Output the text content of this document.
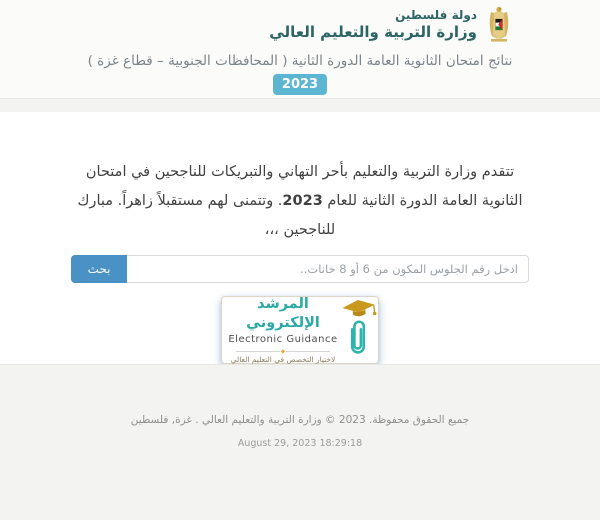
دولة فلسطين
وزارة التربية والتعليم العالي
نتائج امتحان الثانوية العامة الدورة الثانية ( المحافظات الجنوبية – قطاع غزة )
2023

تتقدم وزارة التربية والتعليم بأحر التهاني والتبريكات للناجحين في امتحان الثانوية العامة الدورة الثانية للعام 2023. وتتمنى لهم مستقبلاً زاهراً. مبارك للناجحين ،،،

ادخل رقم الجلوس المكون من 6 أو 8 خانات..
بحث
المرشد الإلكتروني
Electronic Guidance
لاختيار التخصص في التعليم العالي
جميع الحقوق محفوظة. 2023 © وزارة التربية والتعليم العالي . غزة, فلسطين
August 29, 2023 18:29:18
